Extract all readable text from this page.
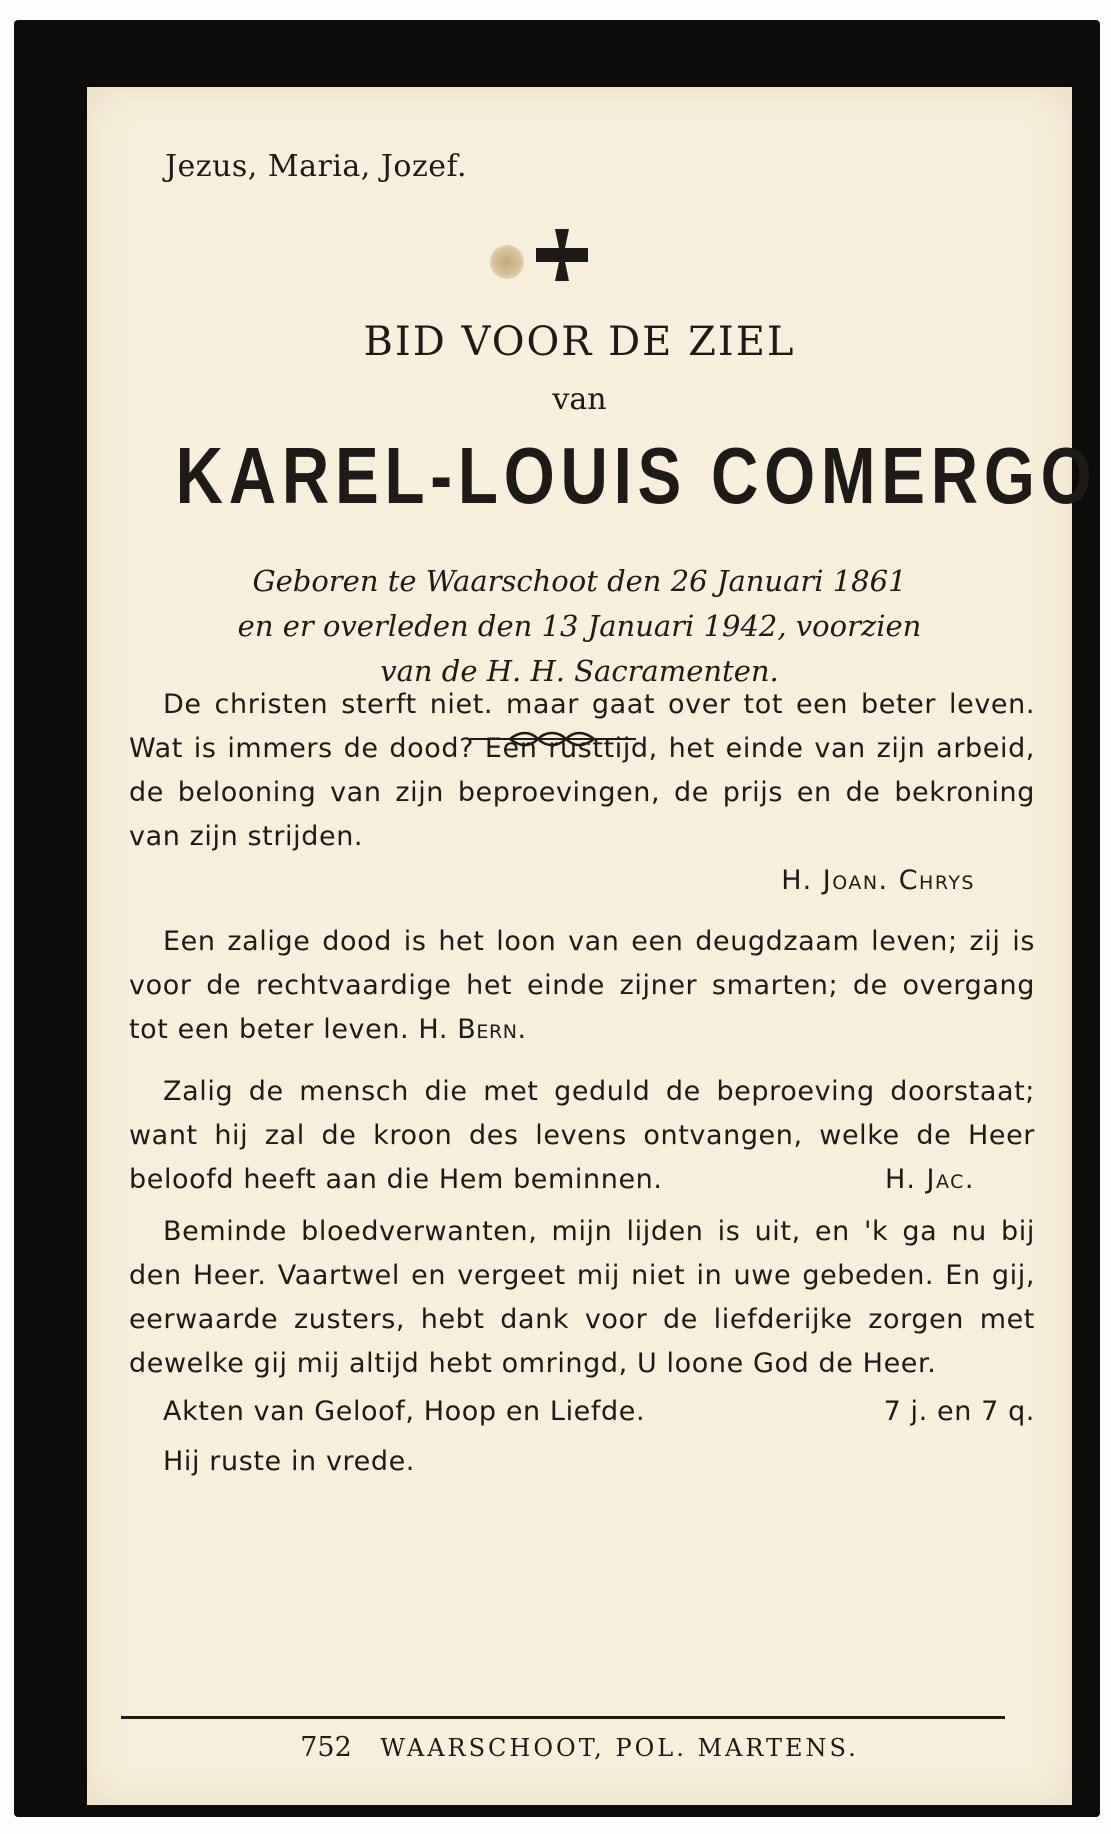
Jezus, Maria, Jozef.
BID VOOR DE ZIEL
van
KAREL-LOUIS COMERGO
Geboren te Waarschoot den 26 Januari 1861
en er overleden den 13 Januari 1942, voorzien
van de H. H. Sacramenten.

De christen sterft niet. maar gaat over tot een beter leven. Wat is immers de dood? Een rusttijd, het einde van zijn arbeid, de belooning van zijn beproevingen, de prijs en de bekroning van zijn strijden.

H. Joan. Chrys

Een zalige dood is het loon van een deugdzaam leven; zij is voor de rechtvaardige het einde zijner smarten; de overgang tot een beter leven. H. Bern.

Zalig de mensch die met geduld de beproeving doorstaat; want hij zal de kroon des levens ontvangen, welke de Heer beloofd heeft aan die Hem beminnen.	H. Jac.

Beminde bloedverwanten, mijn lijden is uit, en 'k ga nu bij den Heer. Vaartwel en vergeet mij niet in uwe gebeden. En gij, eerwaarde zusters, hebt dank voor de liefderijke zorgen met dewelke gij mij altijd hebt omringd, U loone God de Heer.

Akten van Geloof, Hoop en Liefde.	7 j. en 7 q.
Hij ruste in vrede.
752 WAARSCHOOT, POL. MARTENS.
